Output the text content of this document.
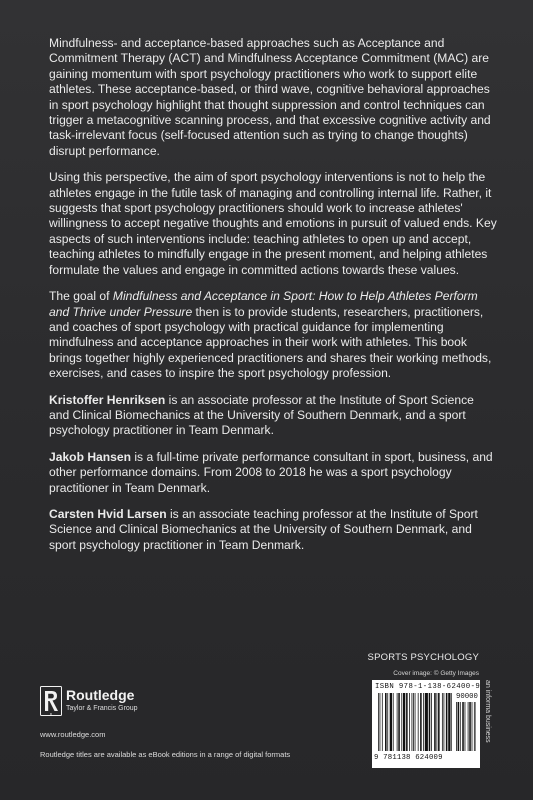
Mindfulness- and acceptance-based approaches such as Acceptance and Commitment Therapy (ACT) and Mindfulness Acceptance Commitment (MAC) are gaining momentum with sport psychology practitioners who work to support elite athletes. These acceptance-based, or third wave, cognitive behavioral approaches in sport psychology highlight that thought suppression and control techniques can trigger a metacognitive scanning process, and that excessive cognitive activity and task-irrelevant focus (self-focused attention such as trying to change thoughts) disrupt performance.

Using this perspective, the aim of sport psychology interventions is not to help the athletes engage in the futile task of managing and controlling internal life. Rather, it suggests that sport psychology practitioners should work to increase athletes' willingness to accept negative thoughts and emotions in pursuit of valued ends. Key aspects of such interventions include: teaching athletes to open up and accept, teaching athletes to mindfully engage in the present moment, and helping athletes formulate the values and engage in committed actions towards these values.

The goal of Mindfulness and Acceptance in Sport: How to Help Athletes Perform and Thrive under Pressure then is to provide students, researchers, practitioners, and coaches of sport psychology with practical guidance for implementing mindfulness and acceptance approaches in their work with athletes. This book brings together highly experienced practitioners and shares their working methods, exercises, and cases to inspire the sport psychology profession.

Kristoffer Henriksen is an associate professor at the Institute of Sport Science and Clinical Biomechanics at the University of Southern Denmark, and a sport psychology practitioner in Team Denmark.

Jakob Hansen is a full-time private performance consultant in sport, business, and other performance domains. From 2008 to 2018 he was a sport psychology practitioner in Team Denmark.

Carsten Hvid Larsen is an associate teaching professor at the Institute of Sport Science and Clinical Biomechanics at the University of Southern Denmark, and sport psychology practitioner in Team Denmark.

SPORTS PSYCHOLOGY
Cover image: © Getty Images
R
Routledge
Taylor & Francis Group
www.routledge.com
Routledge titles are available as eBook editions in a range of digital formats
ISBN 978-1-138-62400-9
90000
9 781138 624009
an informa business
